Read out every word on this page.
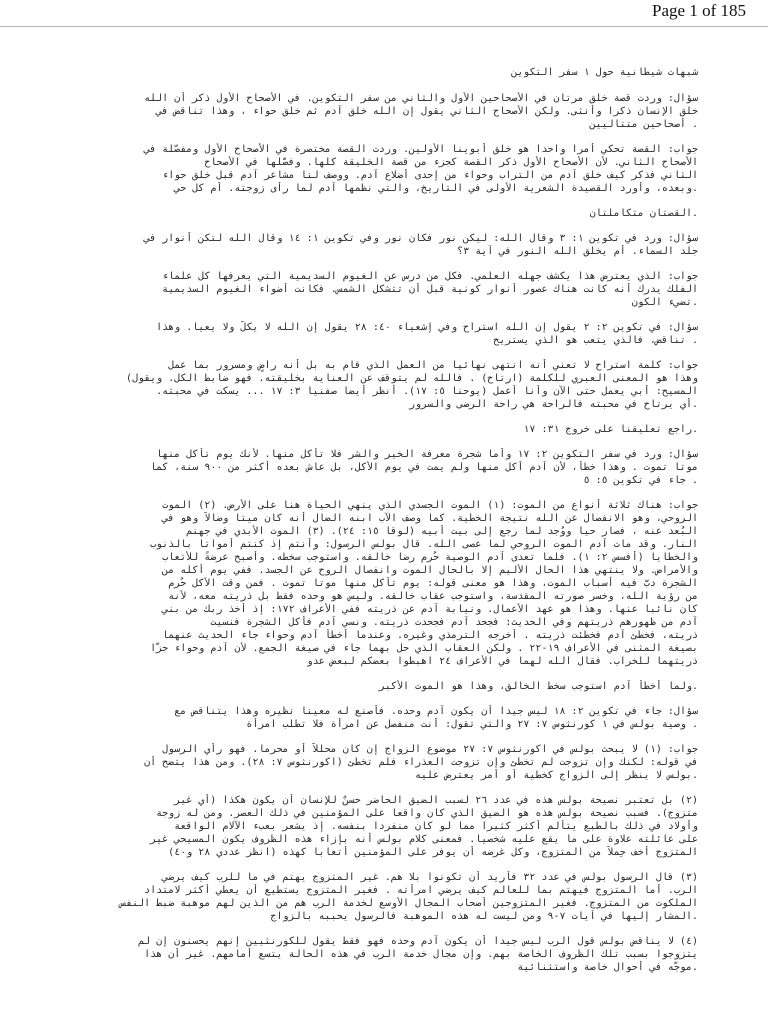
Page 1 of 185
شبهات شيطانية حول ١ سفر التكوين
سؤال: وردت قصة خلق مرتان في الأصحاحين الأول والثاني من سفر التكوين. في الأصحاح الأول ذكر أن الله
خلق الإنسان ذكراً وأنثى. ولكن الأصحاح الثاني يقول إن الله خلق آدم ثم خلق حواء ، وهذا تناقض في
. أصحاحين متتاليين
جواب: القصة تحكي أمراً واحداً هو خلق أبوينا الأولين. وردت القصة مختصرة في الأصحاح الأول ومفصّلة في
الأصحاح الثاني. لأن الأصحاح الأول ذكر القصة كجزء من قصة الخليقة كلها. وفصّلها في الأصحاح
الثاني فذكر كيف خلق آدم من التراب وحواء من إحدى أضلاع آدم. ووصف لنا مشاعر آدم قبل خلق حواء
.وبعده، وأورد القصيدة الشعرية الأولى في التاريخ، والتي نظمها آدم لما رأى زوجته. أم كل حي
.القصتان متكاملتان
سؤال: ورد في تكوين ١: ٣ وقال الله: ليكن نور فكان نور وفي تكوين ١: ١٤ وقال الله لتكن أنوار في
جلَد السماء. أم يخلق الله النور في آية ٣؟
جواب: الذي يعترض هذا يكشف جهله العلمي. فكل من درس عن الغيوم السديمية التي يعرفها كل علماء
الفلك يدرك أنه كانت هناك عصور أنوار كونية قبل أن تتشكل الشمس. فكانت أضواء الغيوم السديمية
.تضيء الكون
سؤال: في تكوين ٢: ٢ يقول إن الله استراح وفي إشعياء ٤٠: ٢٨ يقول إن الله لا يكلّ ولا يعيا. وهذا
. تناقض، فالذي يتعب هو الذي يستريح
جواب: كلمة استراح لا تعني أنه انتهى نهائياً من العمل الذي قام به بل أنه راضٍ ومسرور بما عمل
وهذا هو المعنى العبري للكلمة (ارتاح) . فالله لم يتوقف عن العناية بخليقته. فهو ضابط الكل. ويقول)
المسيح: أبي يعمل حتى الآن وأنا أعمل (يوحنا ٥: ١٧). أنظر أيضاً صفنيا ٣: ١٧ ... يسكت في محبته.
.أي يرتاح في محبته فالراحة هي راحة الرضى والسرور
.راجع تعليقنا على خروج ٣١: ١٧
سؤال: ورد في سفر التكوين ٢: ١٧ وأما شجرة معرفة الخير والشر فلا تأكل منها. لأنك يوم تأكل منها
موتاً تموت . وهذا خطأ، لأن آدم أكل منها ولم يمت في يوم الأكل، بل عاش بعده أكثر من ٩٠٠ سنة، كما
. جاء في تكوين ٥: ٥
جواب: هناك ثلاثة أنواع من الموت: (١) الموت الجسدي الذي ينهي الحياة هنا على الأرض. (٢) الموت
الروحي، وهو الانفصال عن الله نتيجة الخطية. كما وصف الآب ابنه الضال أنه كان ميتاً وضالاً وهو في
البُعد عنه ، فصار حياً ووُجد لما رجع إلى بيت أبيه (لوقا ١٥: ٢٤). (٣) الموت الأبدي في جهنم
النار. وقد مات آدم الموت الروحي لما عصى الله. قال بولس الرسول: وأنتم إذ كنتم أمواتاً بالذنوب
والخطايا (أفسس ٢: ١). فلما تعدى آدم الوصية حُرم رضا خالقه. واستوجب سخطه. وأصبح عرضةً للأتعاب
والأمراض. ولا ينتهي هذا الحال الأليم إلا بالحال الموت وانفصال الروح عن الجسد. ففي يوم أكله من
الشجرة دبَّ فيه أسباب الموت، وهذا هو معنى قوله: يوم تأكل منها موتاً تموت . فمن وقت الأكل حُرم
من رؤية الله، وخسر صورته المقدسة، واستوجب عقاب خالقه. وليس هو وحده فقط بل ذريته معه، لأنه
كان نائباً عنها. وهذا هو عهد الأعمال. ونيابة آدم عن ذريته ففي الأعراف ١٧٢: إذ أخذ ربك من بني
آدم من ظهورهم ذريتهم وفي الحديث: فجحد آدم فجحدت ذريته. ونسي آدم فأكل الشجرة فنسيت
ذريته، فخطئ آدم فخطئت ذريته . أخرجه الترمذي وغيره. وعندما أخطأ آدم وحواء جاء الحديث عنهما
بصيغة المثنى في الأعراف ١٩-٢٢ . ولكن العقاب الذي حل بهما جاء في صيغة الجمع. لأن آدم وحواء جزّا
ذريتهما للخراب. فقال الله لهما في الأعراف ٢٤ اهبطوا بعضكم لبعض عدو
.ولما أخطأ آدم استوجب سخط الخالق، وهذا هو الموت الأكبر
سؤال: جاء في تكوين ٢: ١٨ ليس جيداً أن يكون آدم وحده. فأصنع له معيناً نظيره وهذا يتناقض مع
. وصية بولس في ١ كورنثوس ٧: ٢٧ والتي تقول: أنت منفصل عن امرأة فلا تطلب امرأة
جواب: (١) لا يبحث بولس في اكورنثوس ٧: ٢٧ موضوع الزواج إن كان محلّلاً أو محرماً. فهو رأي الرسول
في قوله: لكنك وإن تزوجت لم تخطئ وإن تزوجت العذراء فلم تخطئ (اكورنثوس ٧: ٢٨). ومن هذا يتضح أن
.بولس لا ينظر إلى الزواج كخطية أو أمر يعترض عليه
(٢) بل تعتبر نصيحة بولس هذه في عدد ٢٦ لسبب الضيق الحاضر حسنٌ للإنسان أن يكون هكذا (أي غير
متزوج). فسبب نصيحة بولس هذه هو الضيق الذي كان واقعاً على المؤمنين في ذلك العصر. ومن له زوجة
وأولاد في ذلك بالطبع يتألم أكثر كثيراً مما لو كان منفرداً بنفسه. إذ يشعر بعبء الآلام الواقعة
على عائلته علاوة على ما يقع عليه شخصياً. فمعنى كلام بولس أنه بإزاء هذه الظروف يكون المسيحي غير
المتزوج أخف حِملاً من المتزوج، وكل غرضه أن يوفر على المؤمنين أتعاباً كهذه (انظر عددي ٢٨ و٤٠)
(٣) قال الرسول بولس في عدد ٣٢ فأريد أن تكونوا بلا هم. غير المتزوج يهتم في ما للرب كيف يرضي
الرب. أما المتزوج فيهتم بما للعالم كيف يرضي امرأته . فغير المتزوج يستطيع أن يعطي أكثر لامتداد
الملكوت من المتزوج. فغير المتزوجين أصحاب المجال الأوسع لخدمة الرب هم من الذين لهم موهبة ضبط النفس
.المشار إليها في آيات ٧-٩ ومن ليست له هذه الموهبة فالرسول يحببه بالزواج
(٤) لا يناقض بولس قول الرب ليس جيداً أن يكون آدم وحده فهو فقط يقول للكورنثيين إنهم يحسنون إن لم
يتزوجوا بسبب تلك الظروف الخاصة بهم. وإن مجال خدمة الرب في هذه الحالة يتسع أمامهم. غير أن هذا
.موجّه في أحوال خاصة واستثنائية
